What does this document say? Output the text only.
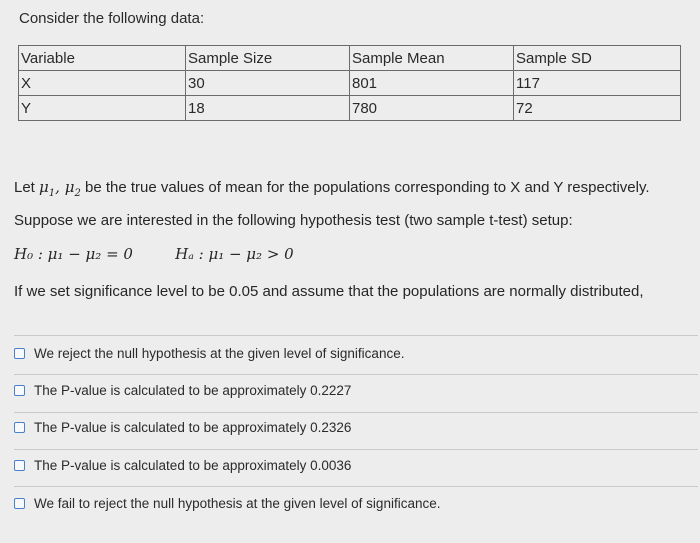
Consider the following data:
Variable	Sample Size	Sample Mean	Sample SD
X	30	801	117
Y	18	780	72
Let $\mu_1$, $\mu_2$ be the true values of mean for the populations corresponding to X and Y respectively.
Suppose we are interested in the following hypothesis test (two sample t-test) setup:
H₀ : μ₁ − μ₂ = 0	Hₐ : μ₁ − μ₂ > 0
If we set significance level to be 0.05 and assume that the populations are normally distributed,
We reject the null hypothesis at the given level of significance.
The P-value is calculated to be approximately 0.2227
The P-value is calculated to be approximately 0.2326
The P-value is calculated to be approximately 0.0036
We fail to reject the null hypothesis at the given level of significance.
